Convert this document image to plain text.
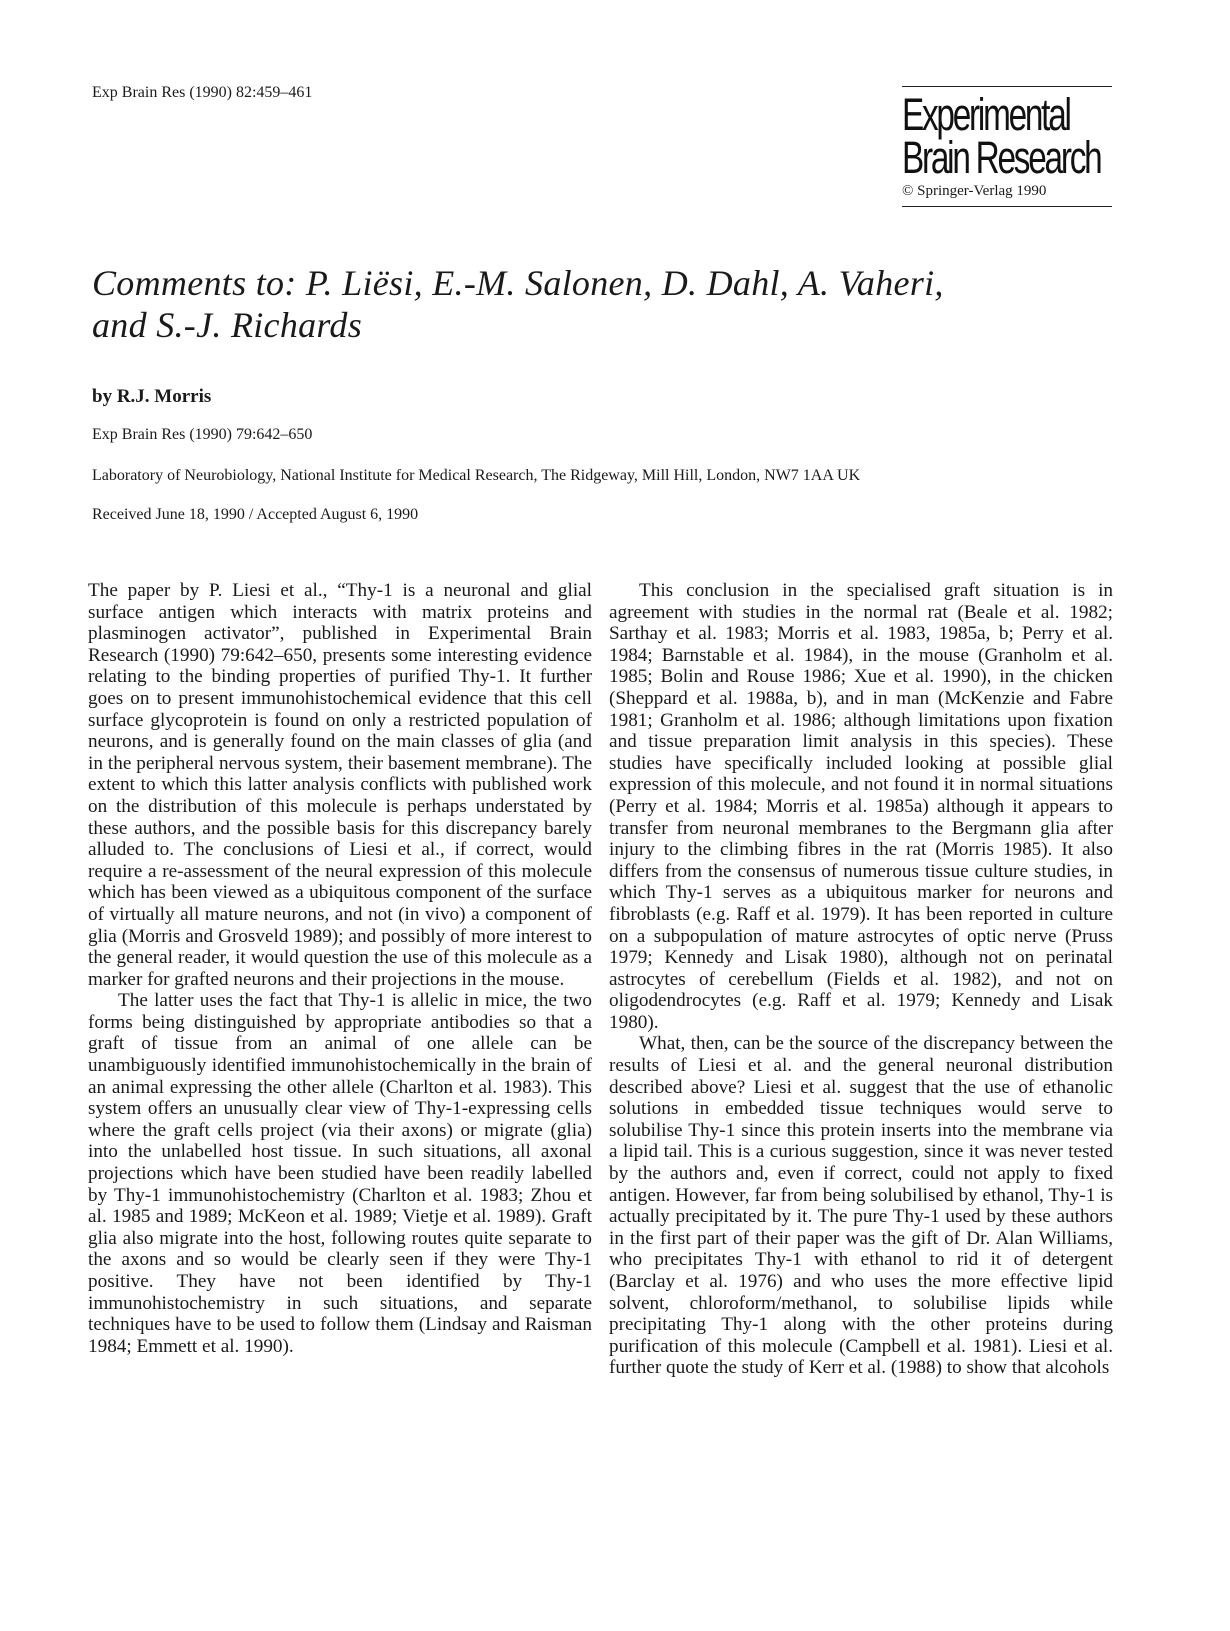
Exp Brain Res (1990) 82:459–461	Experimental
Brain Research
© Springer-Verlag 1990
Comments to: P. Liësi, E.-M. Salonen, D. Dahl, A. Vaheri,
and S.-J. Richards
by R.J. Morris
Exp Brain Res (1990) 79:642–650
Laboratory of Neurobiology, National Institute for Medical Research, The Ridgeway, Mill Hill, London, NW7 1AA UK
Received June 18, 1990 / Accepted August 6, 1990

The paper by P. Liesi et al., “Thy-1 is a neuronal and glial surface antigen which interacts with matrix proteins and plasminogen activator”, published in Experimental Brain Research (1990) 79:642–650, presents some interesting evidence relating to the binding properties of purified Thy-1. It further goes on to present immunohistochemical evidence that this cell surface glycoprotein is found on only a restricted population of neurons, and is generally found on the main classes of glia (and in the peripheral nervous system, their basement membrane). The extent to which this latter analysis conflicts with published work on the distribution of this molecule is perhaps understated by these authors, and the possible basis for this discrepancy barely alluded to. The conclusions of Liesi et al., if correct, would require a re-assessment of the neural expression of this molecule which has been viewed as a ubiquitous component of the surface of virtually all mature neurons, and not (in vivo) a component of glia (Morris and Grosveld 1989); and possibly of more interest to the general reader, it would question the use of this molecule as a marker for grafted neurons and their projections in the mouse.

The latter uses the fact that Thy-1 is allelic in mice, the two forms being distinguished by appropriate antibodies so that a graft of tissue from an animal of one allele can be unambiguously identified immunohistochemically in the brain of an animal expressing the other allele (Charlton et al. 1983). This system offers an unusually clear view of Thy-1-expressing cells where the graft cells project (via their axons) or migrate (glia) into the unlabelled host tissue. In such situations, all axonal projections which have been studied have been readily labelled by Thy-1 immunohistochemistry (Charlton et al. 1983; Zhou et al. 1985 and 1989; McKeon et al. 1989; Vietje et al. 1989). Graft glia also migrate into the host, following routes quite separate to the axons and so would be clearly seen if they were Thy-1 positive. They have not been identified by Thy-1 immunohistochemistry in such situations, and separate techniques have to be used to follow them (Lindsay and Raisman 1984; Emmett et al. 1990).

This conclusion in the specialised graft situation is in agreement with studies in the normal rat (Beale et al. 1982; Sarthay et al. 1983; Morris et al. 1983, 1985a, b; Perry et al. 1984; Barnstable et al. 1984), in the mouse (Granholm et al. 1985; Bolin and Rouse 1986; Xue et al. 1990), in the chicken (Sheppard et al. 1988a, b), and in man (McKenzie and Fabre 1981; Granholm et al. 1986; although limitations upon fixation and tissue preparation limit analysis in this species). These studies have specifically included looking at possible glial expression of this molecule, and not found it in normal situations (Perry et al. 1984; Morris et al. 1985a) although it appears to transfer from neuronal membranes to the Bergmann glia after injury to the climbing fibres in the rat (Morris 1985). It also differs from the consensus of numerous tissue culture studies, in which Thy-1 serves as a ubiquitous marker for neurons and fibroblasts (e.g. Raff et al. 1979). It has been reported in culture on a subpopulation of mature astrocytes of optic nerve (Pruss 1979; Kennedy and Lisak 1980), although not on perinatal astrocytes of cerebellum (Fields et al. 1982), and not on oligodendrocytes (e.g. Raff et al. 1979; Kennedy and Lisak 1980).

What, then, can be the source of the discrepancy between the results of Liesi et al. and the general neuronal distribution described above? Liesi et al. suggest that the use of ethanolic solutions in embedded tissue techniques would serve to solubilise Thy-1 since this protein inserts into the membrane via a lipid tail. This is a curious suggestion, since it was never tested by the authors and, even if correct, could not apply to fixed antigen. However, far from being solubilised by ethanol, Thy-1 is actually precipitated by it. The pure Thy-1 used by these authors in the first part of their paper was the gift of Dr. Alan Williams, who precipitates Thy-1 with ethanol to rid it of detergent (Barclay et al. 1976) and who uses the more effective lipid solvent, chloroform/methanol, to solubilise lipids while precipitating Thy-1 along with the other proteins during purification of this molecule (Campbell et al. 1981). Liesi et al. further quote the study of Kerr et al. (1988) to show that alcohols
